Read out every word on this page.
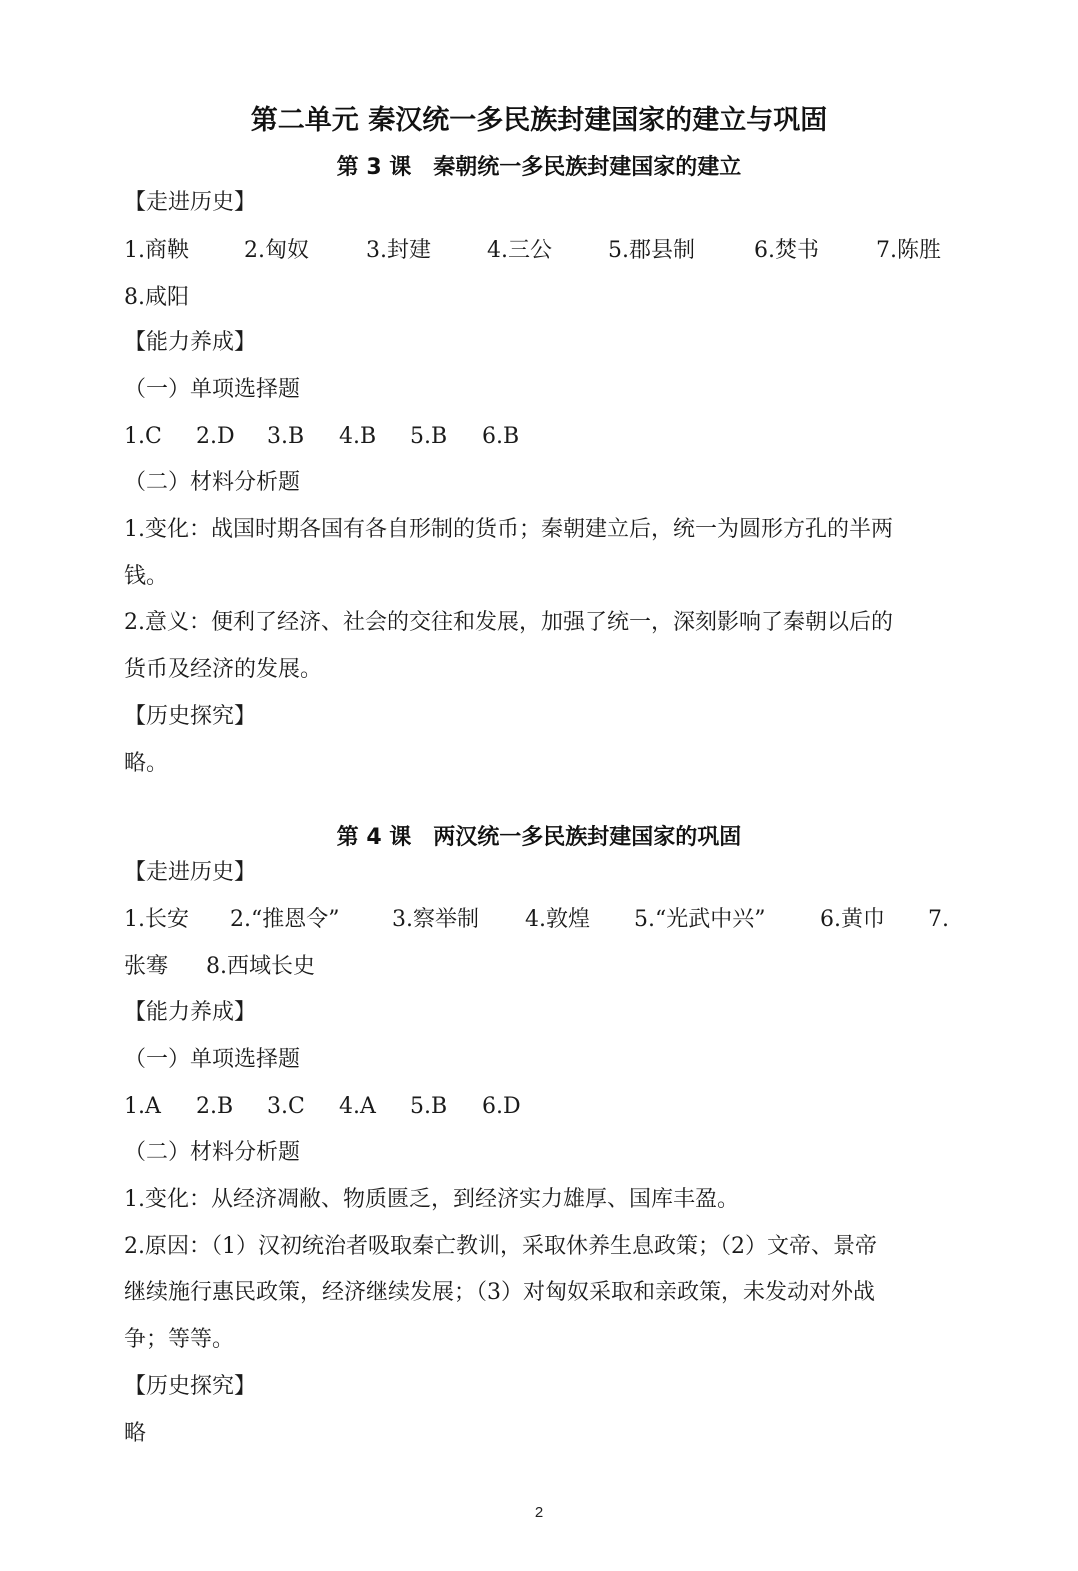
第二单元 秦汉统一多民族封建国家的建立与巩固
第 3 课　秦朝统一多民族封建国家的建立
【走进历史】
1.商鞅	2.匈奴	3.封建	4.三公	5.郡县制	6.焚书	7.陈胜
8.咸阳
【能力养成】
（一）单项选择题
1.C 2.D 3.B 4.B 5.B 6.B
（二）材料分析题
1.变化：战国时期各国有各自形制的货币；秦朝建立后，统一为圆形方孔的半两
钱。
2.意义：便利了经济、社会的交往和发展，加强了统一，深刻影响了秦朝以后的
货币及经济的发展。
【历史探究】
略。
第 4 课　两汉统一多民族封建国家的巩固
【走进历史】
1.长安 2.“推恩令” 3.察举制 4.敦煌 5.“光武中兴” 6.黄巾 7.
张骞 8.西域长史
【能力养成】
（一）单项选择题
1.A 2.B 3.C 4.A 5.B 6.D
（二）材料分析题
1.变化：从经济凋敝、物质匮乏，到经济实力雄厚、国库丰盈。
2.原因：（1）汉初统治者吸取秦亡教训，采取休养生息政策；（2）文帝、景帝
继续施行惠民政策，经济继续发展；（3）对匈奴采取和亲政策，未发动对外战
争；等等。
【历史探究】
略
2
